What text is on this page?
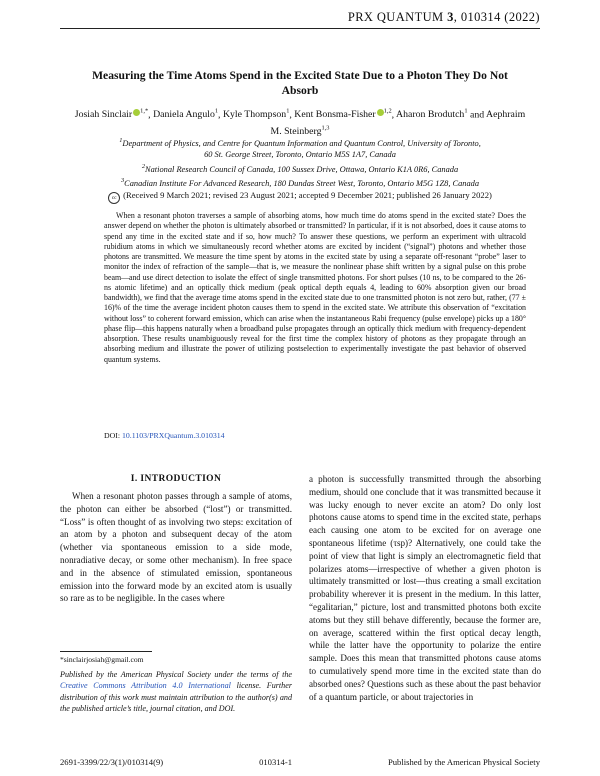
PRX QUANTUM 3, 010314 (2022)
Measuring the Time Atoms Spend in the Excited State Due to a Photon They Do Not Absorb
Josiah Sinclair $^{1,*}$, Daniela Angulo$^1$, Kyle Thompson$^1$, Kent Bonsma-Fisher $^{1,2}$, Aharon Brodutch$^1$ and Aephraim M. Steinberg$^{1,3}$
$^1$Department of Physics, and Centre for Quantum Information and Quantum Control, University of Toronto,
60 St. George Street, Toronto, Ontario M5S 1A7, Canada
$^2$National Research Council of Canada, 100 Sussex Drive, Ottawa, Ontario K1A 0R6, Canada
$^3$Canadian Institute For Advanced Research, 180 Dundas Street West, Toronto, Ontario M5G 1Z8, Canada
cc (Received 9 March 2021; revised 23 August 2021; accepted 9 December 2021; published 26 January 2022)
When a resonant photon traverses a sample of absorbing atoms, how much time do atoms spend in the excited state? Does the answer depend on whether the photon is ultimately absorbed or transmitted? In particular, if it is not absorbed, does it cause atoms to spend any time in the excited state and if so, how much? To answer these questions, we perform an experiment with ultracold rubidium atoms in which we simultaneously record whether atoms are excited by incident (“signal”) photons and whether those photons are transmitted. We measure the time spent by atoms in the excited state by using a separate off-resonant “probe” laser to monitor the index of refraction of the sample—that is, we measure the nonlinear phase shift written by a signal pulse on this probe beam—and use direct detection to isolate the effect of single transmitted photons. For short pulses (10 ns, to be compared to the 26-ns atomic lifetime) and an optically thick medium (peak optical depth equals 4, leading to 60% absorption given our broad bandwidth), we find that the average time atoms spend in the excited state due to one transmitted photon is not zero but, rather, (77 ± 16)% of the time the average incident photon causes them to spend in the excited state. We attribute this observation of “excitation without loss” to coherent forward emission, which can arise when the instantaneous Rabi frequency (pulse envelope) picks up a 180° phase flip—this happens naturally when a broadband pulse propagates through an optically thick medium with frequency-dependent absorption. These results unambiguously reveal for the first time the complex history of photons as they propagate through an absorbing medium and illustrate the power of utilizing postselection to experimentally investigate the past behavior of observed quantum systems.
DOI: 10.1103/PRXQuantum.3.010314
I. INTRODUCTION
When a resonant photon passes through a sample of atoms, the photon can either be absorbed (“lost”) or transmitted. “Loss” is often thought of as involving two steps: excitation of an atom by a photon and subsequent decay of the atom (whether via spontaneous emission to a side mode, nonradiative decay, or some other mechanism). In free space and in the absence of stimulated emission, spontaneous emission into the forward mode by an excited atom is usually so rare as to be negligible. In the cases where
a photon is successfully transmitted through the absorbing medium, should one conclude that it was transmitted because it was lucky enough to never excite an atom? Do only lost photons cause atoms to spend time in the excited state, perhaps each causing one atom to be excited for on average one spontaneous lifetime (τsp)? Alternatively, one could take the point of view that light is simply an electromagnetic field that polarizes atoms—irrespective of whether a given photon is ultimately transmitted or lost—thus creating a small excitation probability wherever it is present in the medium. In this latter, “egalitarian,” picture, lost and transmitted photons both excite atoms but they still behave differently, because the former are, on average, scattered within the first optical decay length, while the latter have the opportunity to polarize the entire sample. Does this mean that transmitted photons cause atoms to cumulatively spend more time in the excited state than do absorbed ones? Questions such as these about the past behavior of a quantum particle, or about trajectories in
*sinclairjosiah@gmail.com
Published by the American Physical Society under the terms of the Creative Commons Attribution 4.0 International license. Further distribution of this work must maintain attribution to the author(s) and the published article’s title, journal citation, and DOI.
2691-3399/22/3(1)/010314(9)	010314-1	Published by the American Physical Society
